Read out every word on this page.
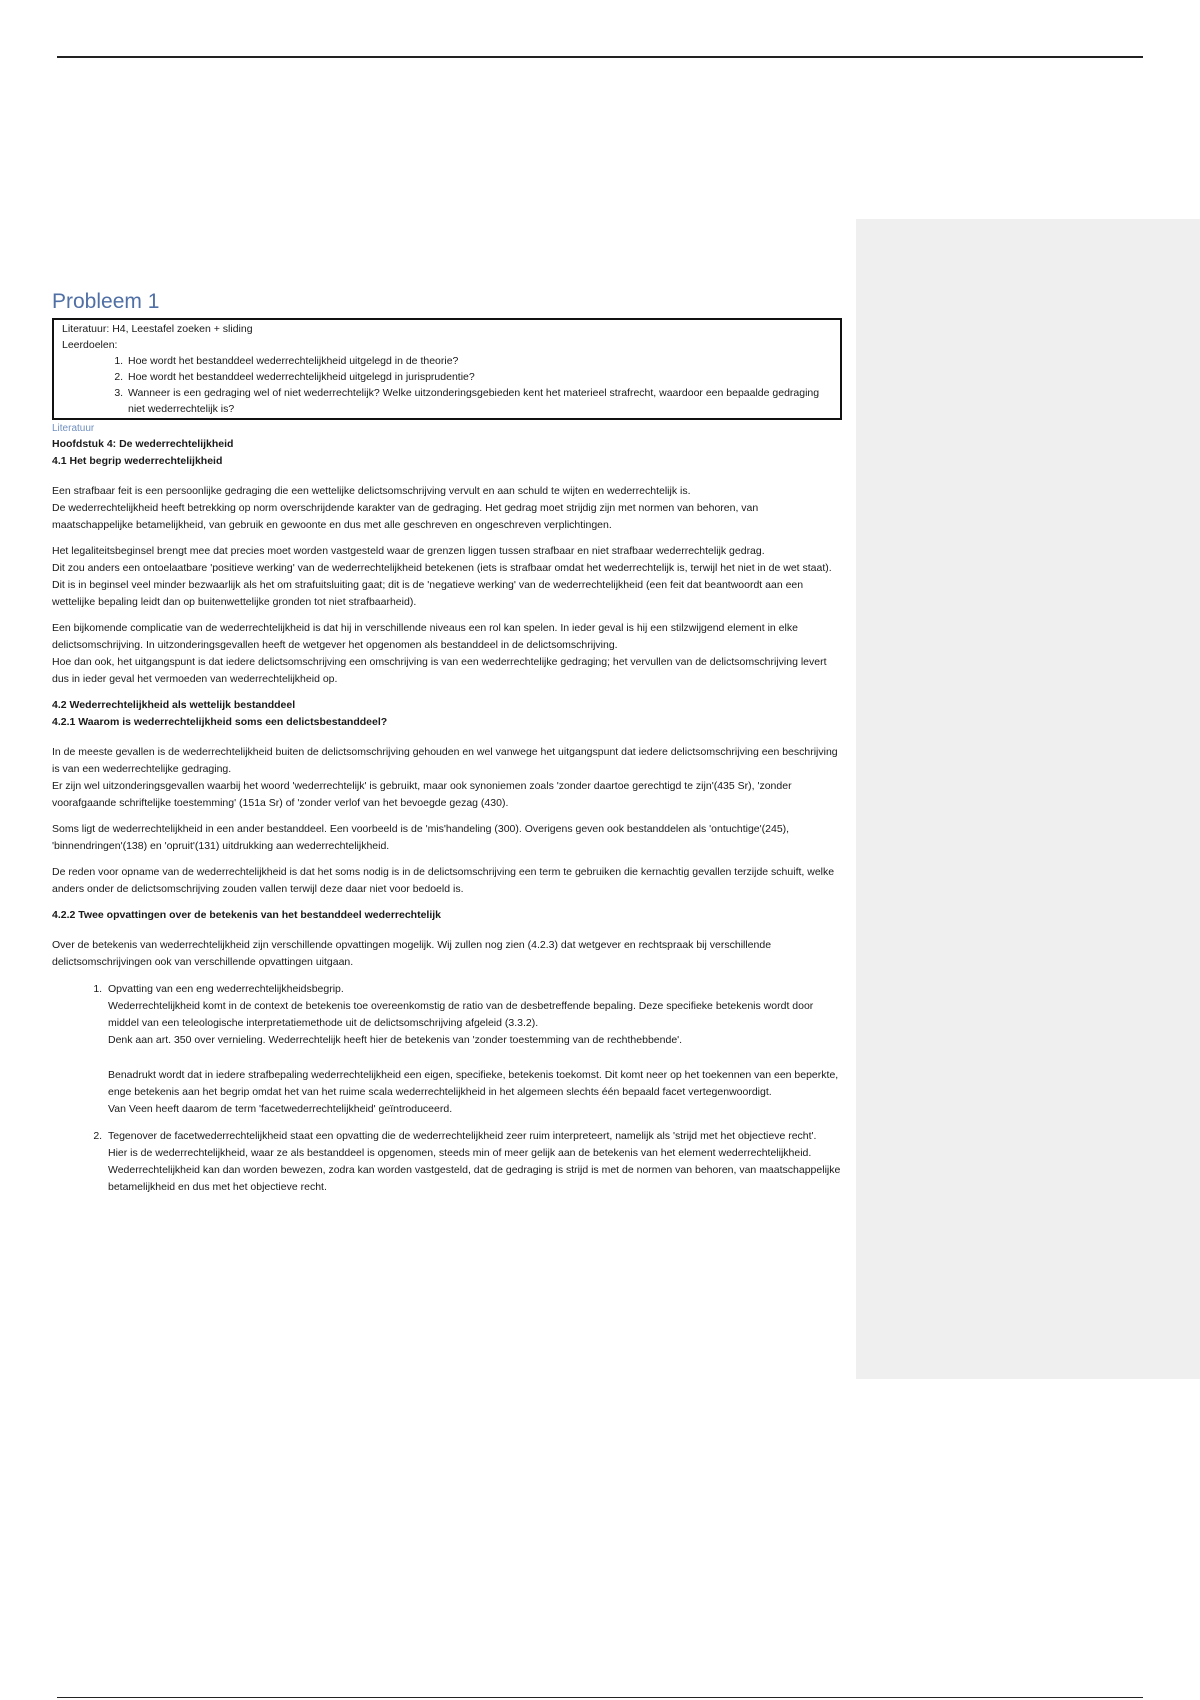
Probleem 1
Literatuur: H4, Leestafel zoeken + sliding
Leerdoelen:
1. Hoe wordt het bestanddeel wederrechtelijkheid uitgelegd in de theorie?
2. Hoe wordt het bestanddeel wederrechtelijkheid uitgelegd in jurisprudentie?
3. Wanneer is een gedraging wel of niet wederrechtelijk? Welke uitzonderingsgebieden kent het materieel strafrecht, waardoor een bepaalde gedraging niet wederrechtelijk is?
Literatuur
Hoofdstuk 4: De wederrechtelijkheid
4.1 Het begrip wederrechtelijkheid

Een strafbaar feit is een persoonlijke gedraging die een wettelijke delictsomschrijving vervult en aan schuld te wijten en wederrechtelijk is.
De wederrechtelijkheid heeft betrekking op norm overschrijdende karakter van de gedraging. Het gedrag moet strijdig zijn met normen van behoren, van maatschappelijke betamelijkheid, van gebruik en gewoonte en dus met alle geschreven en ongeschreven verplichtingen.

Het legaliteitsbeginsel brengt mee dat precies moet worden vastgesteld waar de grenzen liggen tussen strafbaar en niet strafbaar wederrechtelijk gedrag.
Dit zou anders een ontoelaatbare 'positieve werking' van de wederrechtelijkheid betekenen (iets is strafbaar omdat het wederrechtelijk is, terwijl het niet in de wet staat).
Dit is in beginsel veel minder bezwaarlijk als het om strafuitsluiting gaat; dit is de 'negatieve werking' van de wederrechtelijkheid (een feit dat beantwoordt aan een wettelijke bepaling leidt dan op buitenwettelijke gronden tot niet strafbaarheid).

Een bijkomende complicatie van de wederrechtelijkheid is dat hij in verschillende niveaus een rol kan spelen. In ieder geval is hij een stilzwijgend element in elke delictsomschrijving. In uitzonderingsgevallen heeft de wetgever het opgenomen als bestanddeel in de delictsomschrijving.
Hoe dan ook, het uitgangspunt is dat iedere delictsomschrijving een omschrijving is van een wederrechtelijke gedraging; het vervullen van de delictsomschrijving levert dus in ieder geval het vermoeden van wederrechtelijkheid op.

4.2 Wederrechtelijkheid als wettelijk bestanddeel
4.2.1 Waarom is wederrechtelijkheid soms een delictsbestanddeel?

In de meeste gevallen is de wederrechtelijkheid buiten de delictsomschrijving gehouden en wel vanwege het uitgangspunt dat iedere delictsomschrijving een beschrijving is van een wederrechtelijke gedraging.
Er zijn wel uitzonderingsgevallen waarbij het woord 'wederrechtelijk' is gebruikt, maar ook synoniemen zoals 'zonder daartoe gerechtigd te zijn'(435 Sr), 'zonder voorafgaande schriftelijke toestemming' (151a Sr) of 'zonder verlof van het bevoegde gezag (430).

Soms ligt de wederrechtelijkheid in een ander bestanddeel. Een voorbeeld is de 'mis'handeling (300). Overigens geven ook bestanddelen als 'ontuchtige'(245), 'binnendringen'(138) en 'opruit'(131) uitdrukking aan wederrechtelijkheid.

De reden voor opname van de wederrechtelijkheid is dat het soms nodig is in de delictsomschrijving een term te gebruiken die kernachtig gevallen terzijde schuift, welke anders onder de delictsomschrijving zouden vallen terwijl deze daar niet voor bedoeld is.

4.2.2 Twee opvattingen over de betekenis van het bestanddeel wederrechtelijk

Over de betekenis van wederrechtelijkheid zijn verschillende opvattingen mogelijk. Wij zullen nog zien (4.2.3) dat wetgever en rechtspraak bij verschillende delictsomschrijvingen ook van verschillende opvattingen uitgaan.

1. Opvatting van een eng wederrechtelijkheidsbegrip.
Wederrechtelijkheid komt in de context de betekenis toe overeenkomstig de ratio van de desbetreffende bepaling. Deze specifieke betekenis wordt door middel van een teleologische interpretatiemethode uit de delictsomschrijving afgeleid (3.3.2).
Denk aan art. 350 over vernieling. Wederrechtelijk heeft hier de betekenis van 'zonder toestemming van de rechthebbende'.
Benadrukt wordt dat in iedere strafbepaling wederrechtelijkheid een eigen, specifieke, betekenis toekomst. Dit komt neer op het toekennen van een beperkte, enge betekenis aan het begrip omdat het van het ruime scala wederrechtelijkheid in het algemeen slechts één bepaald facet vertegenwoordigt.
Van Veen heeft daarom de term 'facetwederrechtelijkheid' geïntroduceerd.
2. Tegenover de facetwederrechtelijkheid staat een opvatting die de wederrechtelijkheid zeer ruim interpreteert, namelijk als 'strijd met het objectieve recht'.
Hier is de wederrechtelijkheid, waar ze als bestanddeel is opgenomen, steeds min of meer gelijk aan de betekenis van het element wederrechtelijkheid.
Wederrechtelijkheid kan dan worden bewezen, zodra kan worden vastgesteld, dat de gedraging is strijd is met de normen van behoren, van maatschappelijke betamelijkheid en dus met het objectieve recht.
